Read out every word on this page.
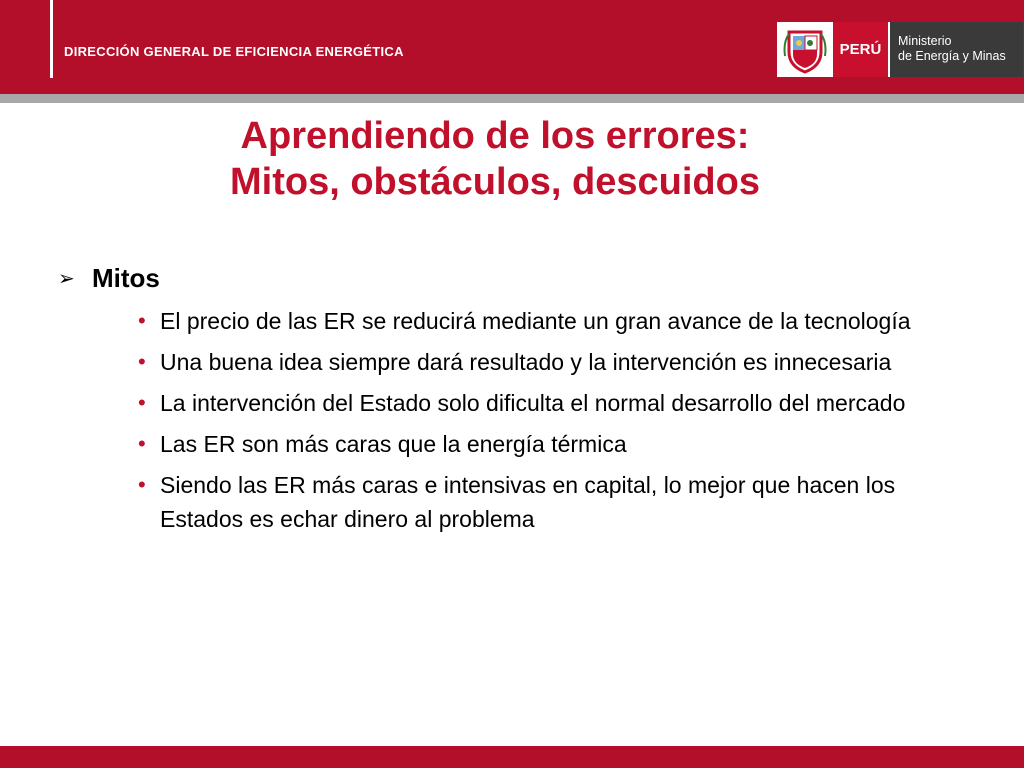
DIRECCIÓN GENERAL DE EFICIENCIA ENERGÉTICA	PERÚ	Ministerio
de Energía y Minas
Aprendiendo de los errores:
Mitos, obstáculos, descuidos
➢ Mitos
• El precio de las ER se reducirá mediante un gran avance de la tecnología
• Una buena idea siempre dará resultado y la intervención es innecesaria
• La intervención del Estado solo dificulta el normal desarrollo del mercado
• Las ER son más caras que la energía térmica
• Siendo las ER más caras e intensivas en capital, lo mejor que hacen los Estados es echar dinero al problema
